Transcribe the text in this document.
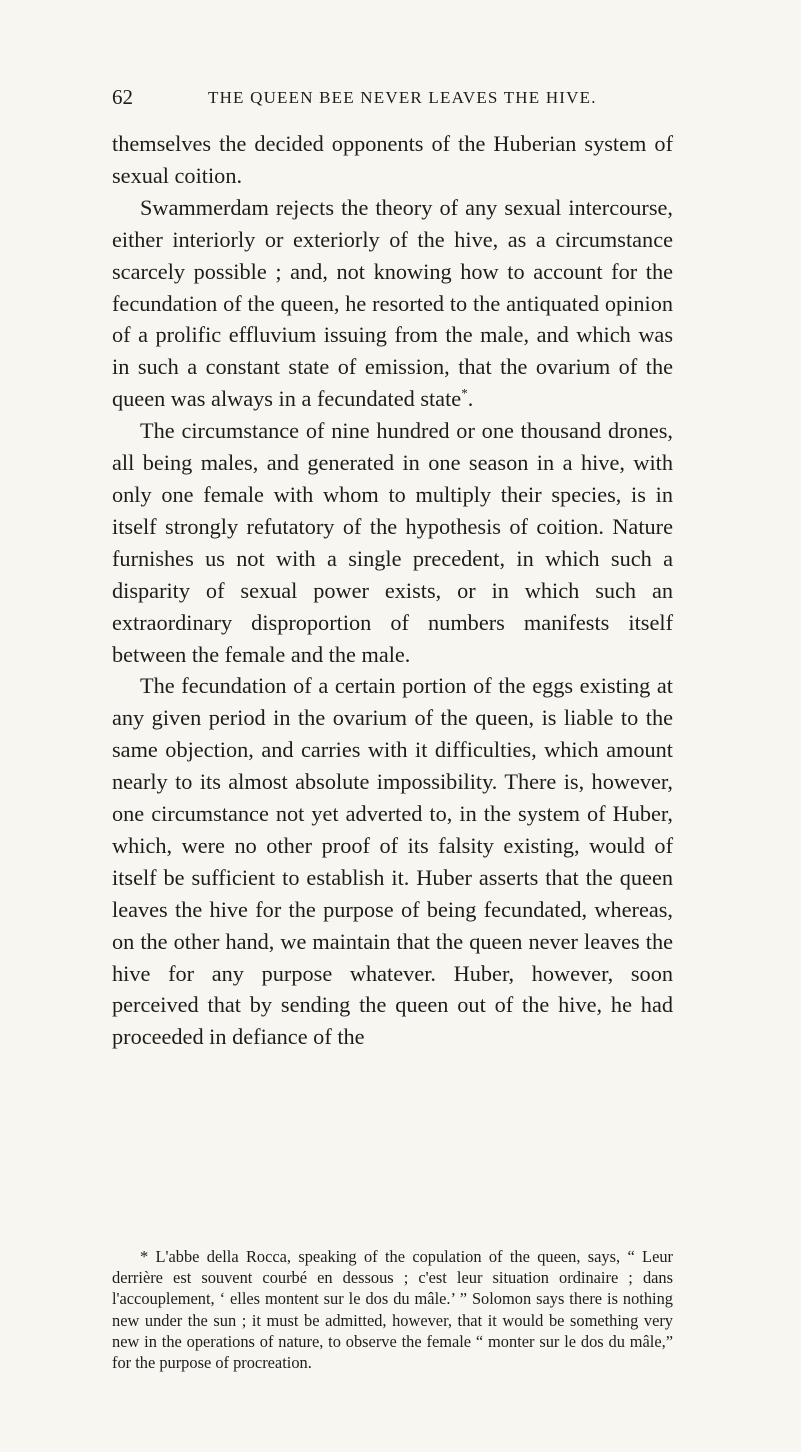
62	THE QUEEN BEE NEVER LEAVES THE HIVE.

themselves the decided opponents of the Huberian system of sexual coition.

Swammerdam rejects the theory of any sexual intercourse, either interiorly or exteriorly of the hive, as a circumstance scarcely possible ; and, not knowing how to account for the fecundation of the queen, he resorted to the antiquated opinion of a prolific effluvium issuing from the male, and which was in such a constant state of emission, that the ovarium of the queen was always in a fecundated state*.

The circumstance of nine hundred or one thousand drones, all being males, and generated in one season in a hive, with only one female with whom to multiply their species, is in itself strongly refutatory of the hypothesis of coition. Nature furnishes us not with a single precedent, in which such a disparity of sexual power exists, or in which such an extraordinary disproportion of numbers manifests itself between the female and the male.

The fecundation of a certain portion of the eggs existing at any given period in the ovarium of the queen, is liable to the same objection, and carries with it difficulties, which amount nearly to its almost absolute impossibility. There is, however, one circumstance not yet adverted to, in the system of Huber, which, were no other proof of its falsity existing, would of itself be sufficient to establish it. Huber asserts that the queen leaves the hive for the purpose of being fecundated, whereas, on the other hand, we maintain that the queen never leaves the hive for any purpose whatever. Huber, however, soon perceived that by sending the queen out of the hive, he had proceeded in defiance of the

* L'abbe della Rocca, speaking of the copulation of the queen, says, “ Leur derrière est souvent courbé en dessous ; c'est leur situation ordinaire ; dans l'accouplement, ‘ elles montent sur le dos du mâle.’ ” Solomon says there is nothing new under the sun ; it must be admitted, however, that it would be something very new in the operations of nature, to observe the female “ monter sur le dos du mâle,” for the purpose of procreation.
